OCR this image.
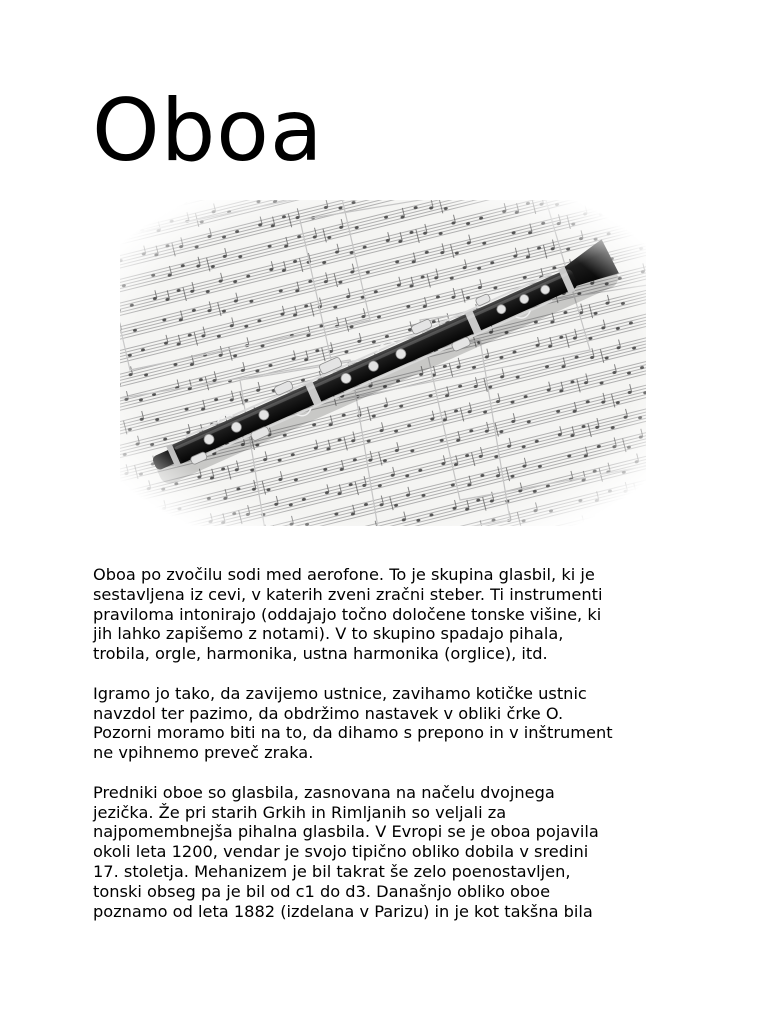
Oboa

Oboa po zvočilu sodi med aerofone. To je skupina glasbil, ki je
sestavljena iz cevi, v katerih zveni zračni steber. Ti instrumenti
praviloma intonirajo (oddajajo točno določene tonske višine, ki
jih lahko zapišemo z notami). V to skupino spadajo pihala,
trobila, orgle, harmonika, ustna harmonika (orglice), itd.

Igramo jo tako, da zavijemo ustnice, zavihamo kotičke ustnic
navzdol ter pazimo, da obdržimo nastavek v obliki črke O.
Pozorni moramo biti na to, da dihamo s prepono in v inštrument
ne vpihnemo preveč zraka.

Predniki oboe so glasbila, zasnovana na načelu dvojnega
jezička. Že pri starih Grkih in Rimljanih so veljali za
najpomembnejša pihalna glasbila. V Evropi se je oboa pojavila
okoli leta 1200, vendar je svojo tipično obliko dobila v sredini
17. stoletja. Mehanizem je bil takrat še zelo poenostavljen,
tonski obseg pa je bil od c1 do d3. Današnjo obliko oboe
poznamo od leta 1882 (izdelana v Parizu) in je kot takšna bila
